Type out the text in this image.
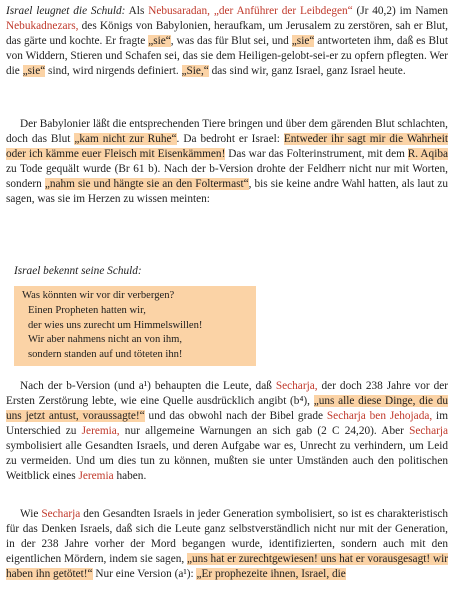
Israel leugnet die Schuld: Als Nebusaradan, „der Anführer der Leibdegen“ (Jr 40,2) im Namen Nebukadnezars, des Königs von Babylonien, heraufkam, um Jerusalem zu zerstören, sah er Blut, das gärte und kochte. Er fragte „sie“, was das für Blut sei, und „sie“ antworteten ihm, daß es Blut von Widdern, Stieren und Schafen sei, das sie dem Heiligen-gelobt-sei-er zu opfern pflegten. Wer die „sie“ sind, wird nirgends definiert. „Sie,“ das sind wir, ganz Israel, ganz Israel heute.

Der Babylonier läßt die entsprechenden Tiere bringen und über dem gärenden Blut schlachten, doch das Blut „kam nicht zur Ruhe“. Da bedroht er Israel: Entweder ihr sagt mir die Wahrheit oder ich kämme euer Fleisch mit Eisenkämmen! Das war das Folterinstrument, mit dem R. Aqiba zu Tode gequält wurde (Br 61 b). Nach der b-Version drohte der Feldherr nicht nur mit Worten, sondern „nahm sie und hängte sie an den Foltermast“, bis sie keine andre Wahl hatten, als laut zu sagen, was sie im Herzen zu wissen meinten:

Israel bekennt seine Schuld:

Was könnten wir vor dir verbergen?
Einen Propheten hatten wir,
der wies uns zurecht um Himmelswillen!
Wir aber nahmens nicht an von ihm,
sondern standen auf und töteten ihn!

Nach der b-Version (und a¹) behaupten die Leute, daß Secharja, der doch 238 Jahre vor der Ersten Zerstörung lebte, wie eine Quelle ausdrücklich angibt (b⁴), „uns alle diese Dinge, die du uns jetzt antust, voraussagte!“ und das obwohl nach der Bibel grade Secharja ben Jehojada, im Unterschied zu Jeremia, nur allgemeine Warnungen an sich gab (2 C 24,20). Aber Secharja symbolisiert alle Gesandten Israels, und deren Aufgabe war es, Unrecht zu verhindern, um Leid zu vermeiden. Und um dies tun zu können, mußten sie unter Umständen auch den politischen Weitblick eines Jeremia haben.

Wie Secharja den Gesandten Israels in jeder Generation symbolisiert, so ist es charakteristisch für das Denken Israels, daß sich die Leute ganz selbstverständlich nicht nur mit der Generation, in der 238 Jahre vorher der Mord begangen wurde, identifizierten, sondern auch mit den eigentlichen Mördern, indem sie sagen, „uns hat er zurechtgewiesen! uns hat er vorausgesagt! wir haben ihn getötet!“ Nur eine Version (a¹): „Er prophezeite ihnen, Israel, die
